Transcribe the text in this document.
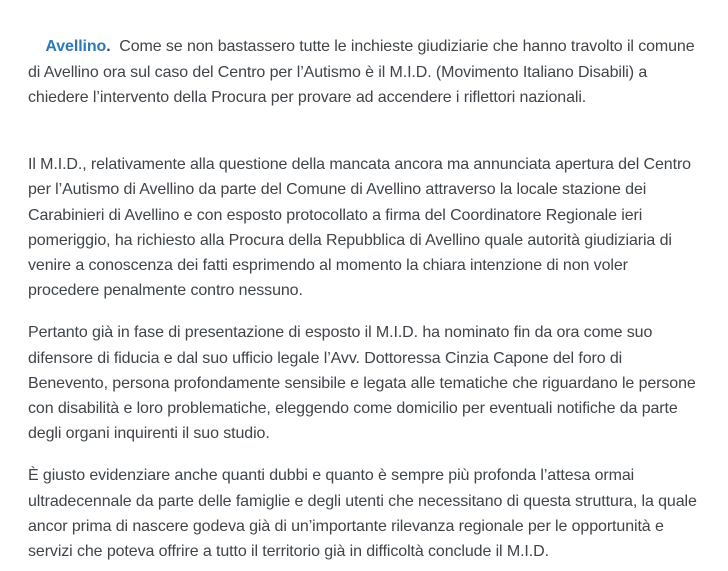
Avellino.  Come se non bastassero tutte le inchieste giudiziarie che hanno travolto il comune di Avellino ora sul caso del Centro per l’Autismo è il M.I.D. (Movimento Italiano Disabili) a chiedere l’intervento della Procura per provare ad accendere i riflettori nazionali.

Il M.I.D., relativamente alla questione della mancata ancora ma annunciata apertura del Centro per l’Autismo di Avellino da parte del Comune di Avellino attraverso la locale stazione dei Carabinieri di Avellino e con esposto protocollato a firma del Coordinatore Regionale ieri pomeriggio, ha richiesto alla Procura della Repubblica di Avellino quale autorità giudiziaria di venire a conoscenza dei fatti esprimendo al momento la chiara intenzione di non voler procedere penalmente contro nessuno.

Pertanto già in fase di presentazione di esposto il M.I.D. ha nominato fin da ora come suo difensore di fiducia e dal suo ufficio legale l’Avv. Dottoressa Cinzia Capone del foro di Benevento, persona profondamente sensibile e legata alle tematiche che riguardano le persone con disabilità e loro problematiche, eleggendo come domicilio per eventuali notifiche da parte degli organi inquirenti il suo studio.

È giusto evidenziare anche quanti dubbi e quanto è sempre più profonda l’attesa ormai ultradecennale da parte delle famiglie e degli utenti che necessitano di questa struttura, la quale ancor prima di nascere godeva già di un’importante rilevanza regionale per le opportunità e servizi che poteva offrire a tutto il territorio già in difficoltà conclude il M.I.D.
